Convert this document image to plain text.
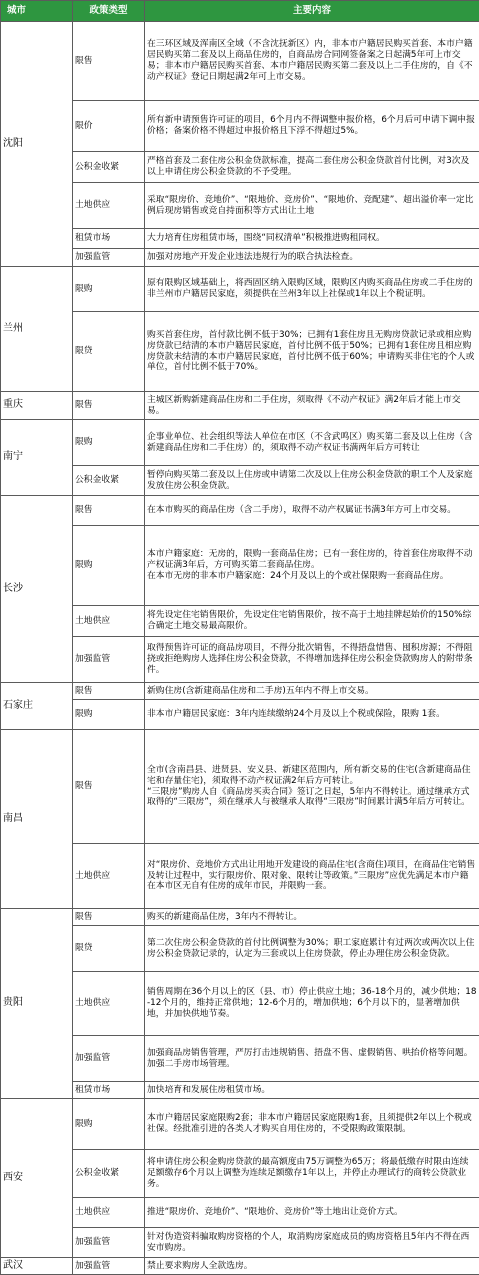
城市	政策类型	主要内容
沈阳	限售	在三环区域及浑南区全域（不含沈抚新区）内，非本市户籍居民购买首套、本市户籍居民购买第二套及以上商品住房的，自商品房合同网签备案之日起满5年可上市交易；非本市户籍居民购买首套、本市户籍居民购买第二套及以上二手住房的，自《不动产权证》登记日期起满2年可上市交易。

	限价	所有新申请预售许可证的项目，6个月内不得调整申报价格，6个月后可申请下调申报价格；备案价格不得超过申报价格且下浮不得超过5%。

	公积金收紧	严格首套及二套住房公积金贷款标准，提高二套住房公积金贷款首付比例，对3次及以上申请住房公积金贷款的不予受理。

	土地供应	采取“限房价、竞地价”、“限地价、竞房价”、“限地价、竞配建”、超出溢价率一定比例后现房销售或竞自持面积等方式出让土地

	租赁市场	大力培育住房租赁市场，围绕“同权清单”积极推进购租同权。

	加强监管	加强对房地产开发企业违法违规行为的联合执法检查。

兰州	限购	原有限购区域基础上，将西固区纳入限购区域，限购区内购买商品住房或二手住房的非兰州市户籍居民家庭，须提供在兰州3年以上社保或1年以上个税证明。

	限贷	购买首套住房，首付款比例不低于30%；已拥有1套住房且无购房贷款记录或相应购房贷款已结清的本市户籍居民家庭，首付比例不低于50%；已拥有1套住房且相应购房贷款未结清的本市户籍居民家庭，首付比例不低于60%；申请购买非住宅的个人或单位，首付比例不低于70%。

重庆	限售	主城区新购新建商品住房和二手住房，须取得《不动产权证》满2年后才能上市交易。

南宁	限购	企事业单位、社会组织等法人单位在市区（不含武鸣区）购买第二套及以上住房（含新建商品住房和二手住房）的，须取得不动产权证书满两年后方可转让

	公积金收紧	暂停向购买第二套及以上住房或申请第二次及以上住房公积金贷款的职工个人及家庭发放住房公积金贷款。

长沙	限售	在本市购买的商品住房（含二手房），取得不动产权属证书满3年方可上市交易。

	限购	本市户籍家庭：无房的，限购一套商品住房；已有一套住房的，待首套住房取得不动产权证满3年后，方可购买第二套商品住房。
在本市无房的非本市户籍家庭：24个月及以上的个或社保限购一套商品住房。

	土地供应	将先设定住宅销售限价，先设定住宅销售限价，按不高于土地挂牌起始价的150%综合确定土地交易最高限价。

	加强监管	取得预售许可证的商品房项目，不得分批次销售，不得捂盘惜售、囤积房源；不得阻挠或拒绝购房人选择住房公积金贷款，不得增加选择住房公积金贷款购房人的附带条件。

石家庄	限售	新购住房(含新建商品住房和二手房)五年内不得上市交易。

	限购	非本市户籍居民家庭：3年内连续缴纳24个月及以上个税或保险，限购 1套。

南昌	限售	全市(含南昌县、进贤县、安义县、新建区范围内，所有新交易的住宅(含新建商品住宅和存量住宅)，须取得不动产权证满2年后方可转让。
“三限房”购房人自《商品房买卖合同》签订之日起，5年内不得转让。通过继承方式取得的“三限房”，须在继承人与被继承人取得“三限房”时间累计满5年后方可转让。

	土地供应	对“限房价、竞地价方式出让用地开发建设的商品住宅(含商住)项目，在商品住宅销售及转让过程中，实行限房价、限对象、限转让等政策。”三限房”应优先满足本市户籍在本市区无自有住房的成年市民，并限购一套。

贵阳	限售	购买的新建商品住房，3年内不得转让。

	限贷	第二次住房公积金贷款的首付比例调整为30%；职工家庭累计有过两次或两次以上住房公积金贷款记录的，认定为三套或以上住房贷款，停止办理住房公积金贷款。

	土地供应	销售周期在36个月以上的区（县、市）停止供应土地；36-18个月的，减少供地；18-12个月的，维持正常供地；12-6个月的，增加供地；6个月以下的，显著增加供地，并加快供地节奏。

	加强监管	加强商品房销售管理，严厉打击违规销售、捂盘不售、虚假销售、哄抬价格等问题。加强二手房市场管理。

	租赁市场	加快培育和发展住房租赁市场。

西安	限购	本市户籍居民家庭限购2套；非本市户籍居民家庭限购1套，且须提供2年以上个税或社保。经批准引进的各类人才购买自用住房的，不受限购政策限制。

	公积金收紧	将申请住房公积金购房贷款的最高额度由75万调整为65万；将最低缴存时限由连续足额缴存6个月以上调整为连续足额缴存1年以上，并停止办理试行的商转公贷款业务。

	土地供应	推进“限房价、竞地价”、“限地价、竞房价”等土地出让竞价方式。

	加强监管	针对伪造资料骗取购房资格的个人，取消购房家庭成员的购房资格且5年内不得在西安市购房。

武汉	加强监管	禁止要求购房人全款选房。
